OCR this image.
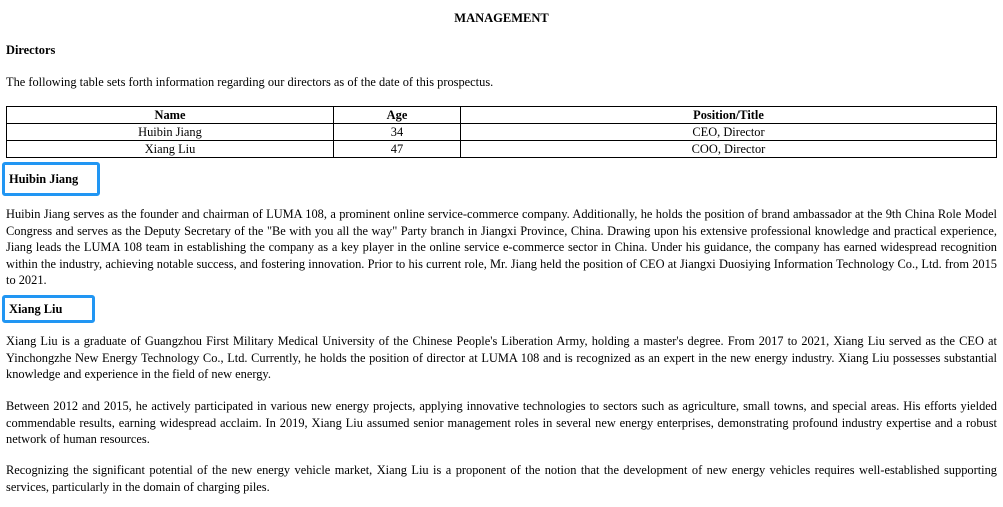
MANAGEMENT
Directors
The following table sets forth information regarding our directors as of the date of this prospectus.
Name	Age	Position/Title
Huibin Jiang	34	CEO, Director
Xiang Liu	47	COO, Director
Huibin Jiang
Huibin Jiang serves as the founder and chairman of LUMA 108, a prominent online service-commerce company. Additionally, he holds the position of brand ambassador at the 9th China Role Model Congress and serves as the Deputy Secretary of the "Be with you all the way" Party branch in Jiangxi Province, China. Drawing upon his extensive professional knowledge and practical experience, Jiang leads the LUMA 108 team in establishing the company as a key player in the online service e-commerce sector in China. Under his guidance, the company has earned widespread recognition within the industry, achieving notable success, and fostering innovation. Prior to his current role, Mr. Jiang held the position of CEO at Jiangxi Duosiying Information Technology Co., Ltd. from 2015 to 2021.
Xiang Liu
Xiang Liu is a graduate of Guangzhou First Military Medical University of the Chinese People's Liberation Army, holding a master's degree. From 2017 to 2021, Xiang Liu served as the CEO at Yinchongzhe New Energy Technology Co., Ltd. Currently, he holds the position of director at LUMA 108 and is recognized as an expert in the new energy industry. Xiang Liu possesses substantial knowledge and experience in the field of new energy.
Between 2012 and 2015, he actively participated in various new energy projects, applying innovative technologies to sectors such as agriculture, small towns, and special areas. His efforts yielded commendable results, earning widespread acclaim. In 2019, Xiang Liu assumed senior management roles in several new energy enterprises, demonstrating profound industry expertise and a robust network of human resources.
Recognizing the significant potential of the new energy vehicle market, Xiang Liu is a proponent of the notion that the development of new energy vehicles requires well-established supporting services, particularly in the domain of charging piles.
